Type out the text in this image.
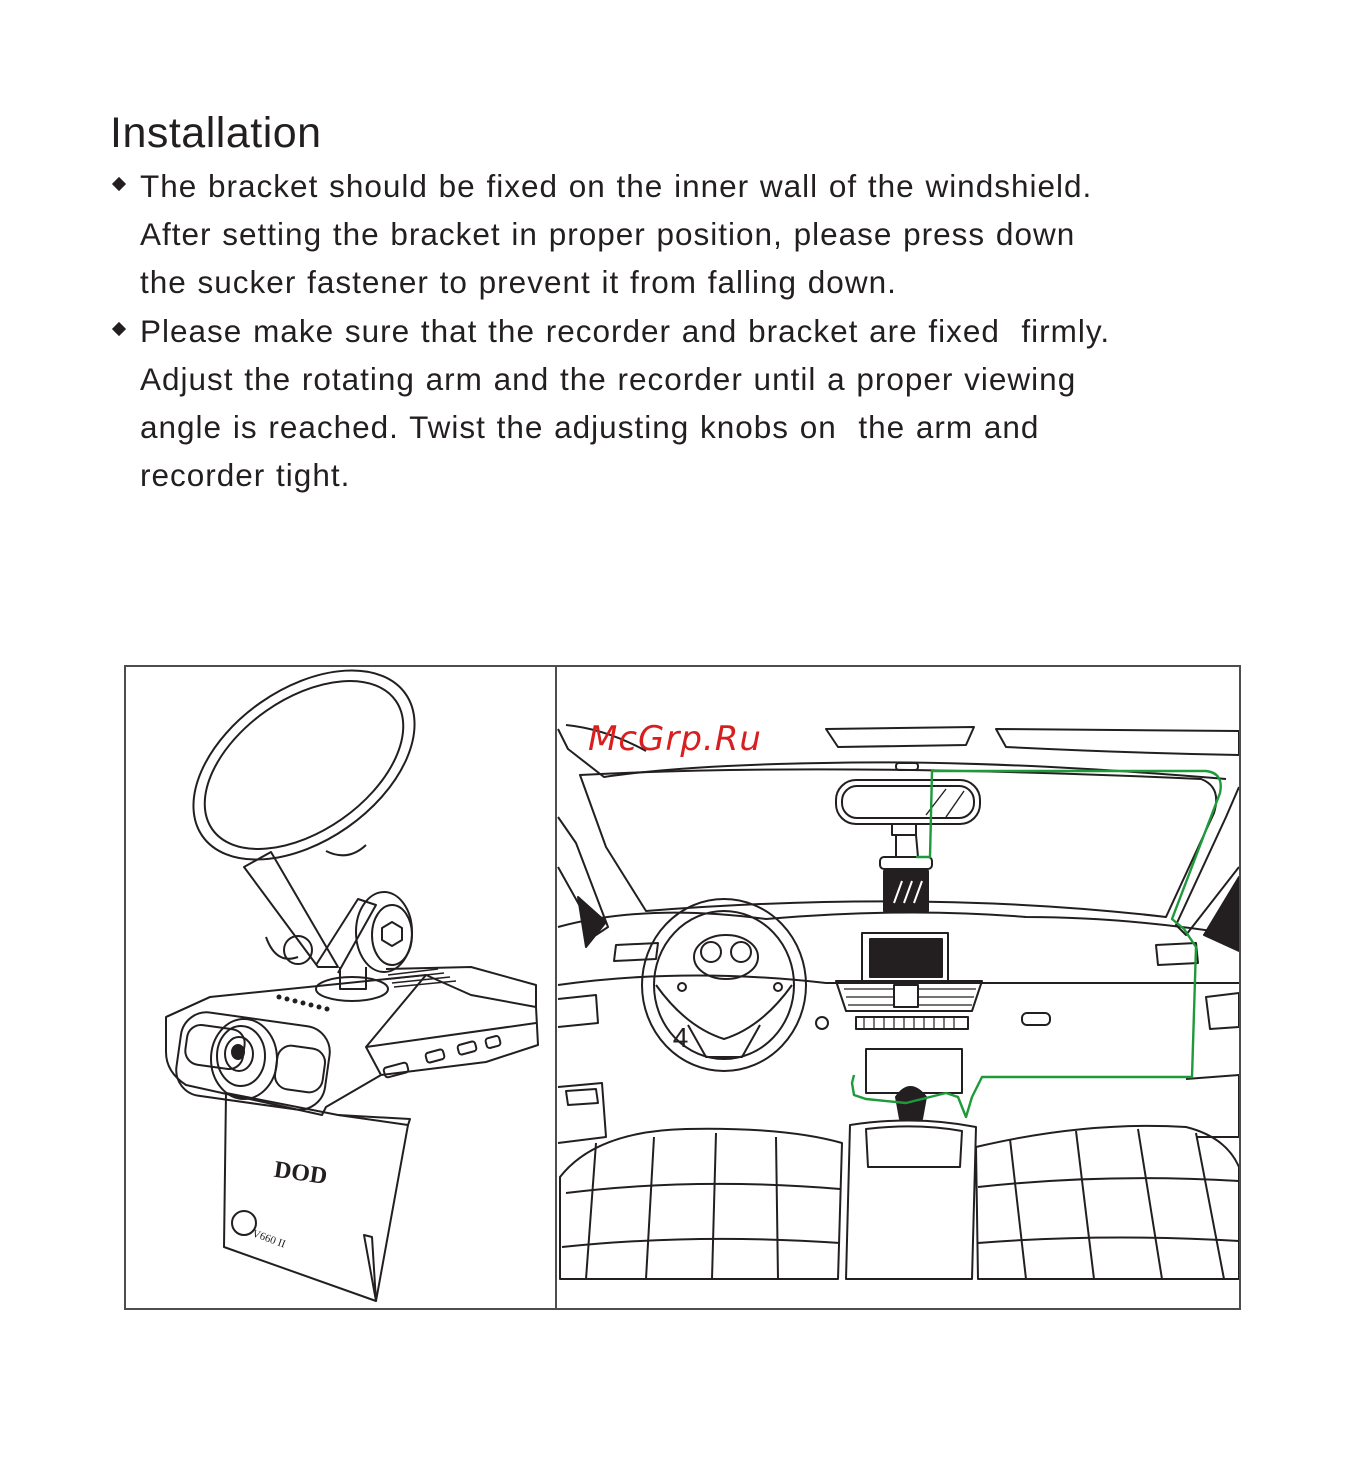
Installation
The bracket should be fixed on the inner wall of the windshield.
After setting the bracket in proper position, please press down
the sucker fastener to prevent it from falling down.
Please make sure that the recorder and bracket are fixed  firmly.
Adjust the rotating arm and the recorder until a proper viewing
angle is reached. Twist the adjusting knobs on  the arm and
recorder tight.
DOD
V660 II
McGrp.Ru
4
